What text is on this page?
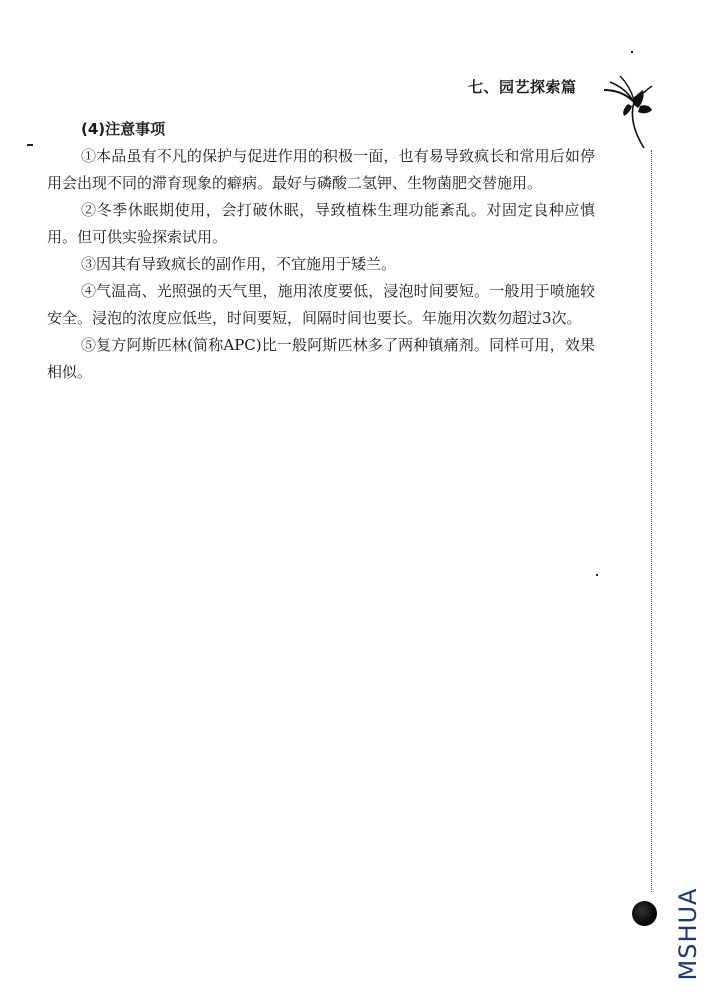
七、园艺探索篇

(4)注意事项

①本品虽有不凡的保护与促进作用的积极一面，也有易导致疯长和常用后如停用会出现不同的滞育现象的癖病。最好与磷酸二氢钾、生物菌肥交替施用。

②冬季休眠期使用，会打破休眠，导致植株生理功能紊乱。对固定良种应慎用。但可供实验探索试用。

③因其有导致疯长的副作用，不宜施用于矮兰。

④气温高、光照强的天气里，施用浓度要低，浸泡时间要短。一般用于喷施较安全。浸泡的浓度应低些，时间要短，间隔时间也要长。年施用次数勿超过3次。

⑤复方阿斯匹林(简称APC)比一般阿斯匹林多了两种镇痛剂。同样可用，效果相似。

MSHUA
